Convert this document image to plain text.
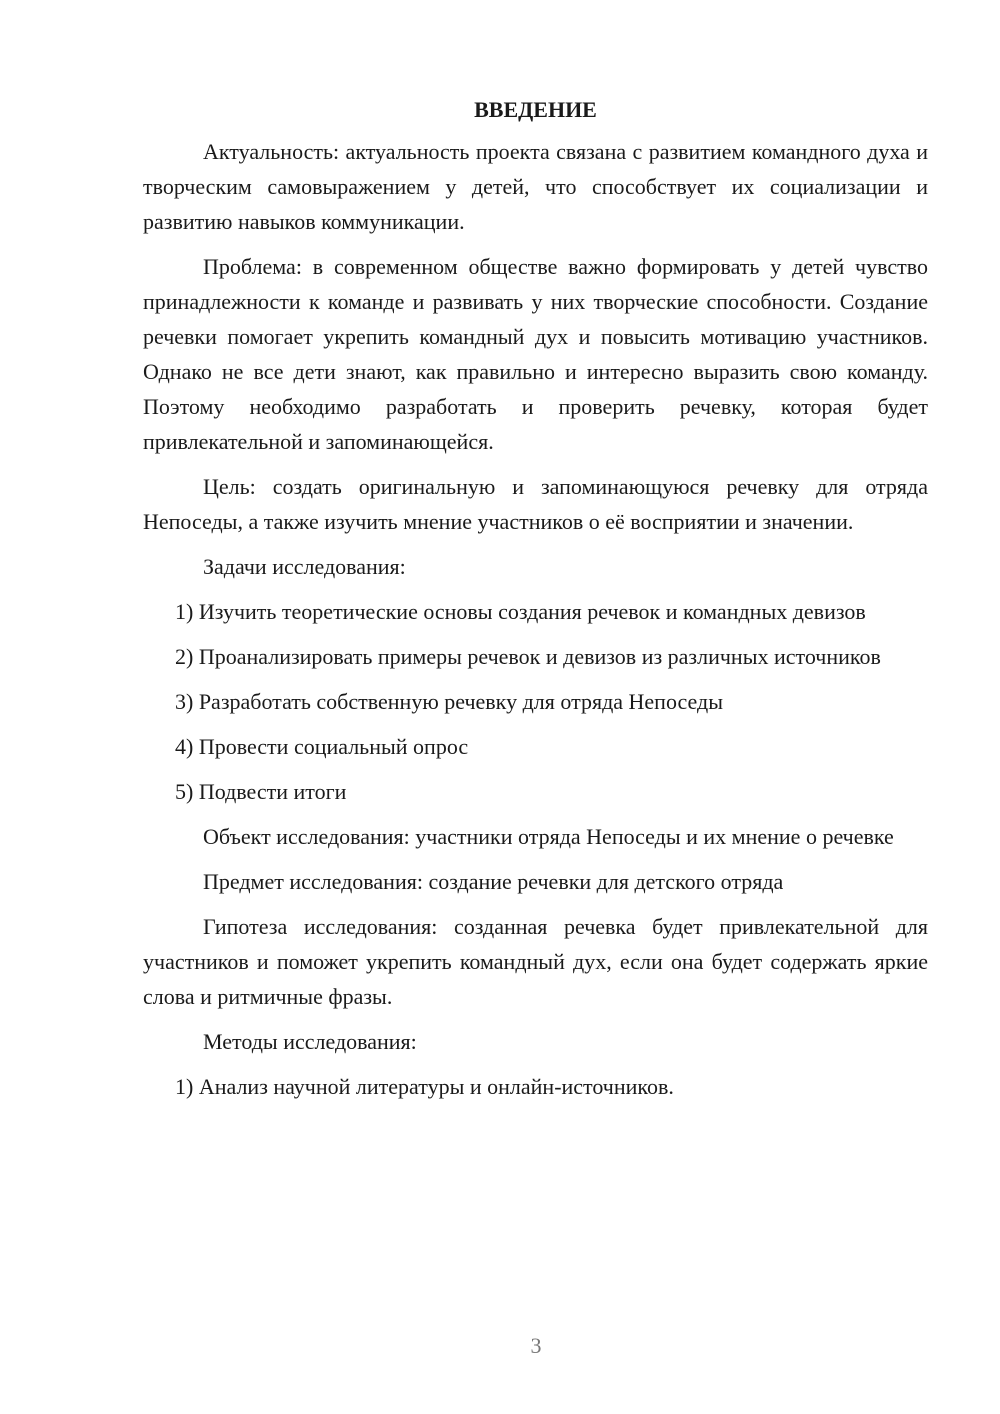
ВВЕДЕНИЕ

Актуальность: актуальность проекта связана с развитием командного духа и творческим самовыражением у детей, что способствует их социализации и развитию навыков коммуникации.

Проблема: в современном обществе важно формировать у детей чувство принадлежности к команде и развивать у них творческие способности. Создание речевки помогает укрепить командный дух и повысить мотивацию участников. Однако не все дети знают, как правильно и интересно выразить свою команду. Поэтому необходимо разработать и проверить речевку, которая будет привлекательной и запоминающейся.

Цель: создать оригинальную и запоминающуюся речевку для отряда Непоседы, а также изучить мнение участников о её восприятии и значении.

Задачи исследования:

1) Изучить теоретические основы создания речевок и командных девизов

2) Проанализировать примеры речевок и девизов из различных источников

3) Разработать собственную речевку для отряда Непоседы

4) Провести социальный опрос

5) Подвести итоги

Объект исследования: участники отряда Непоседы и их мнение о речевке

Предмет исследования: создание речевки для детского отряда

Гипотеза исследования: созданная речевка будет привлекательной для участников и поможет укрепить командный дух, если она будет содержать яркие слова и ритмичные фразы.

Методы исследования:

1) Анализ научной литературы и онлайн-источников.

3
